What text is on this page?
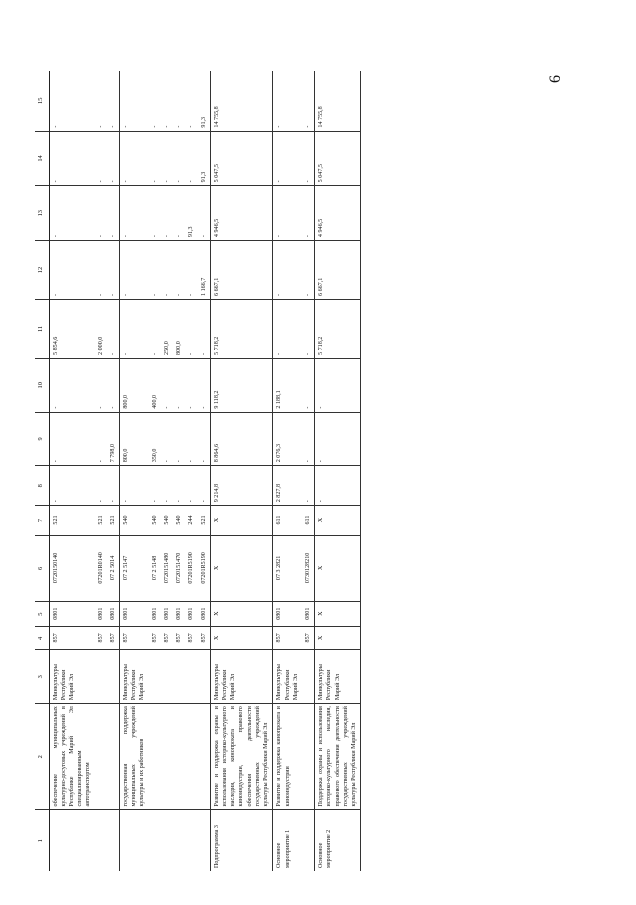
1	2	3	4	5	6	7	8	9	10	11	12	13	14	15
	обеспечение муниципальных культурно-досуговых учреждений в Республике Марий Эл специализированным автотранспортом	Минкультуры Республики Марий Эл	857	0801	0720150140	521	-	-	-	5 854,6	-	-	-	-
			857	0801	07201R0140	521	-	-	-	2 000,0	-	-	-	-
			857	0801	07 2 5014	521	-	7 798,0	-	-	-	-	-	-
	государственная поддержка муниципальных учреждений культуры и их работников	Минкультуры Республики Марий Эл	857	0801	07 2 5147	540	-	800,0	800,0	-	-	-	-	-
			857	0801	07 2 5148	540	-	350,0	400,0	-	-	-	-	-
			857	0801	0720151480	540	-	-	-	250,0	-	-	-	-
			857	0801	0720151470	540	-	-	-	800,0	-	-	-	-
			857	0801	07201R5190	244	-	-	-	-	-	91,3	-	-
			857	0801	07201R5190	521	-	-	-	-	1 166,7	-	91,3	91,3
Подпрограмма 3	Развитие и поддержка охраны и использования историко-культурного наследия, кинопроката и киноиндустрии, правового обеспечения деятельности государственных учреждений культуры Республики Марий Эл	Минкультуры Республики Марий Эл	X	X	X	X	9 214,8	8 864,6	9 118,2	5 718,2	6 667,1	4 946,5	5 047,5	14 755,8
Основное мероприятие 1	Развитие и поддержка кинопроката и киноиндустрии	Минкультуры Республики Марий Эл	857	0801	07 3 2821	611	2 827,8	2 076,3	2 188,1	-	-	-	-	-
			857	0801	0730128210	611	-	-	-	-	-	-	-	-
Основное мероприятие 2	Поддержка охраны и использования историко-культурного наследия, правового обеспечения деятельности государственных учреждений культуры Республики Марий Эл	Минкультуры Республики Марий Эл	X	X	X	X	-	-	-	5 718,2	6 667,1	4 946,5	5 047,5	14 755,8
6
